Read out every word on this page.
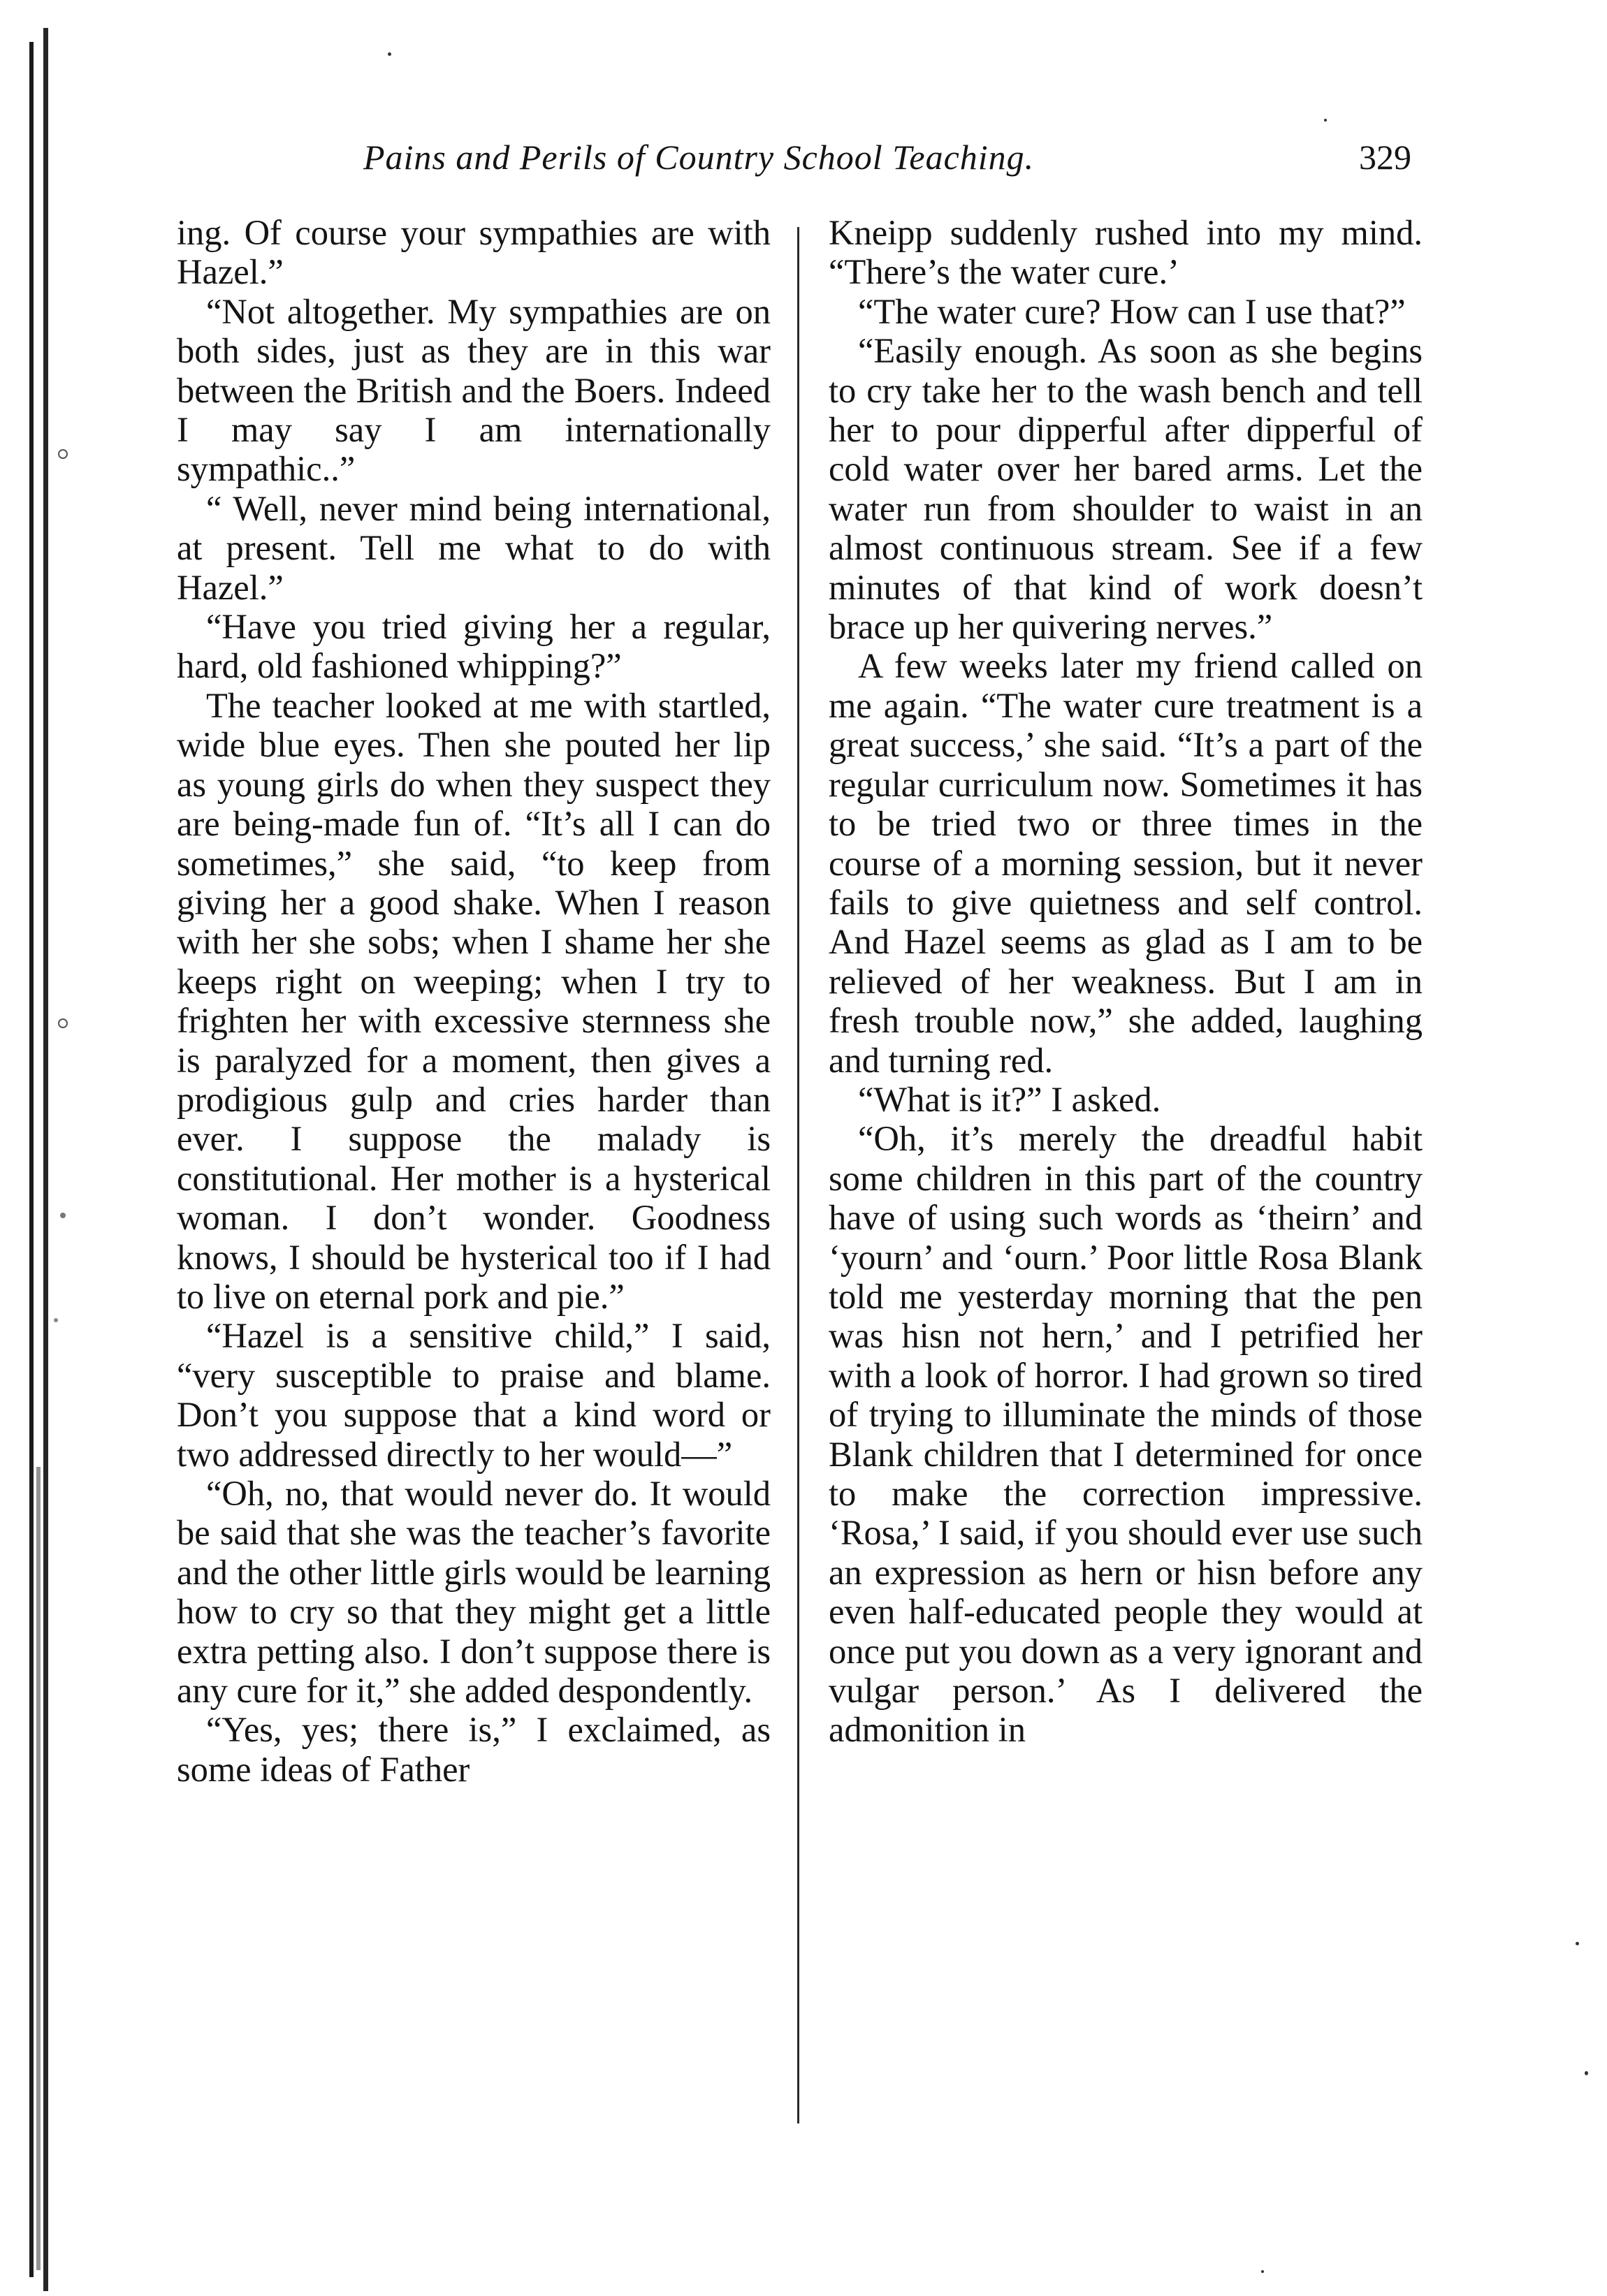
Pains and Perils of Country School Teaching.	329

ing. Of course your sympathies are with Hazel.”

“Not altogether. My sympathies are on both sides, just as they are in this war between the British and the Boers. Indeed I may say I am internationally sympathic..”

“ Well, never mind being international, at present. Tell me what to do with Hazel.”

“Have you tried giving her a regular, hard, old fashioned whipping?”

The teacher looked at me with startled, wide blue eyes. Then she pouted her lip as young girls do when they suspect they are being-made fun of. “It’s all I can do sometimes,” she said, “to keep from giving her a good shake. When I reason with her she sobs; when I shame her she keeps right on weeping; when I try to frighten her with excessive sternness she is paralyzed for a moment, then gives a prodigious gulp and cries harder than ever. I suppose the malady is constitutional. Her mother is a hysterical woman. I don’t wonder. Goodness knows, I should be hysterical too if I had to live on eternal pork and pie.”

“Hazel is a sensitive child,” I said, “very susceptible to praise and blame. Don’t you suppose that a kind word or two addressed directly to her would—”

“Oh, no, that would never do. It would be said that she was the teacher’s favorite and the other little girls would be learning how to cry so that they might get a little extra petting also. I don’t suppose there is any cure for it,” she added despondently.

“Yes, yes; there is,” I exclaimed, as some ideas of Father

Kneipp suddenly rushed into my mind. “There’s the water cure.’

“The water cure? How can I use that?”

“Easily enough. As soon as she begins to cry take her to the wash bench and tell her to pour dipperful after dipperful of cold water over her bared arms. Let the water run from shoulder to waist in an almost continuous stream. See if a few minutes of that kind of work doesn’t brace up her quivering nerves.”

A few weeks later my friend called on me again. “The water cure treatment is a great success,’ she said. “It’s a part of the regular curriculum now. Sometimes it has to be tried two or three times in the course of a morning session, but it never fails to give quietness and self control. And Hazel seems as glad as I am to be relieved of her weakness. But I am in fresh trouble now,” she added, laughing and turning red.

“What is it?” I asked.

“Oh, it’s merely the dreadful habit some children in this part of the country have of using such words as ‘theirn’ and ‘yourn’ and ‘ourn.’ Poor little Rosa Blank told me yesterday morning that the pen was hisn not hern,’ and I petrified her with a look of horror. I had grown so tired of trying to illuminate the minds of those Blank children that I determined for once to make the correction impressive. ‘Rosa,’ I said, if you should ever use such an expression as hern or hisn before any even half-educated people they would at once put you down as a very ignorant and vulgar person.’ As I delivered the admonition in
